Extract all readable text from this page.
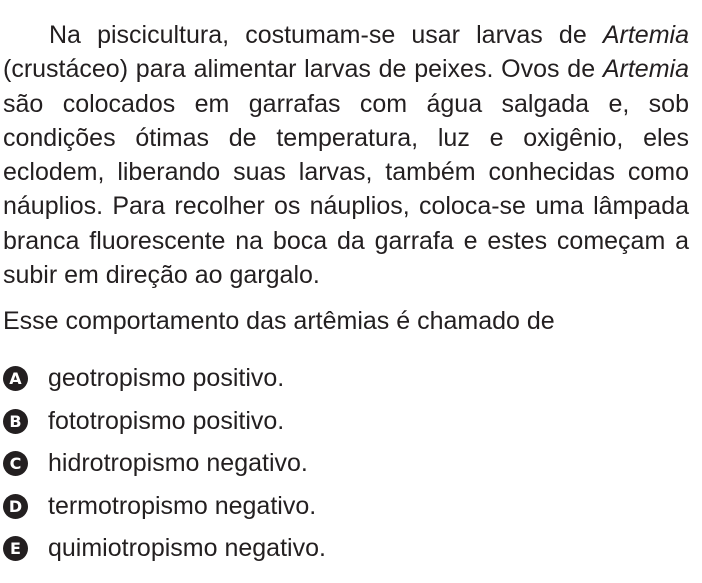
Na piscicultura, costumam-se usar larvas de Artemia (crustáceo) para alimentar larvas de peixes. Ovos de Artemia são colocados em garrafas com água salgada e, sob condições ótimas de temperatura, luz e oxigênio, eles eclodem, liberando suas larvas, também conhecidas como náuplios. Para recolher os náuplios, coloca-se uma lâmpada branca fluorescente na boca da garrafa e estes começam a subir em direção ao gargalo.

Esse comportamento das artêmias é chamado de

A geotropismo positivo.
B fototropismo positivo.
C hidrotropismo negativo.
D termotropismo negativo.
E quimiotropismo negativo.
